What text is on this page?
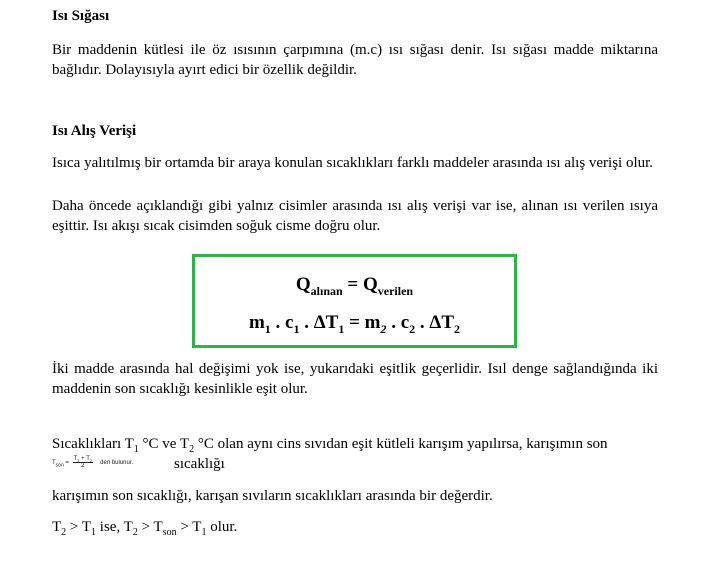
Isı Sığası

Bir maddenin kütlesi ile öz ısısının çarpımına (m.c) ısı sığası denir. Isı sığası madde miktarına bağlıdır. Dolayısıyla ayırt edici bir özellik değildir.

Isı Alış Verişi

Isıca yalıtılmış bir ortamda bir araya konulan sıcaklıkları farklı maddeler arasında ısı alış verişi olur.

Daha öncede açıklandığı gibi yalnız cisimler arasında ısı alış verişi var ise, alınan ısı verilen ısıya eşittir. Isı akışı sıcak cisimden soğuk cisme doğru olur.

$Q_{alınan} = Q_{verilen}$
$m_1$ . $c_1$ . $\Delta T_1 = m_2$ . $c_2$ . $\Delta T_2$

İki madde arasında hal değişimi yok ise, yukarıdaki eşitlik geçerlidir. Isıl denge sağlandığında iki maddenin son sıcaklığı kesinlikle eşit olur.

Sıcaklıkları $T_1$ °C ve $T_2$ °C olan aynı cins sıvıdan eşit kütleli karışım yapılırsa, karışımın son

$T_{son} = \frac{T_1 + T_2}{2}$ den bulunur.	sıcaklığı

karışımın son sıcaklığı, karışan sıvıların sıcaklıkları arasında bir değerdir.

$T_2 > T_1$ ise, $T_2 > T_{son} > T_1$ olur.
